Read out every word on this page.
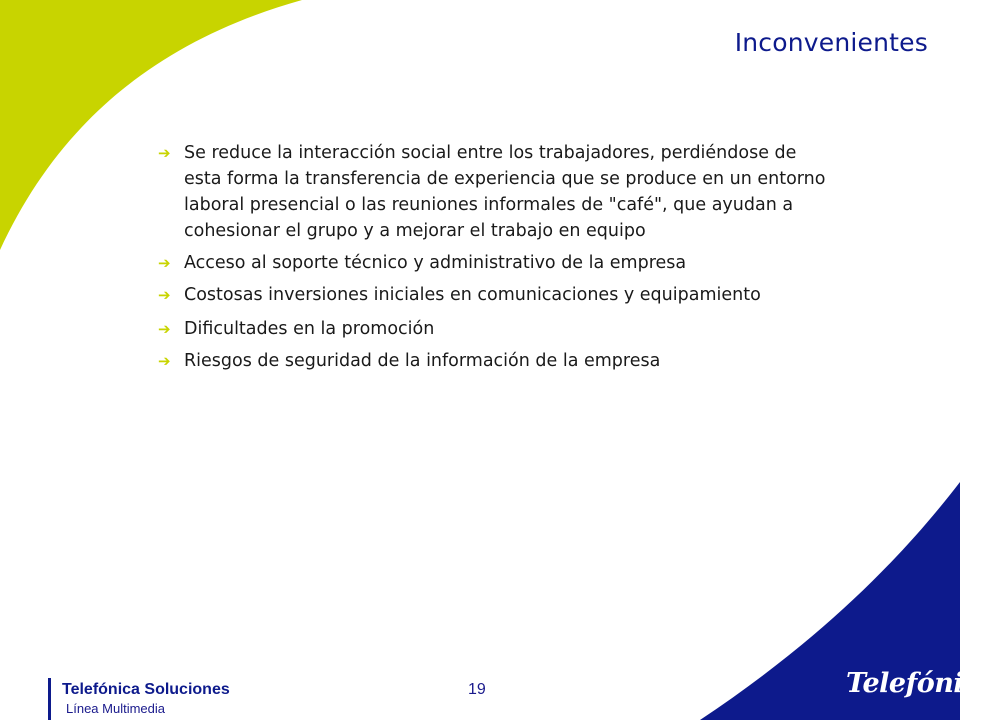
Inconvenientes
➔ Se reduce la interacción social entre los trabajadores, perdiéndose de esta forma la transferencia de experiencia que se produce en un entorno laboral presencial o las reuniones informales de "café", que ayudan a cohesionar el grupo y a mejorar el trabajo en equipo
➔ Acceso al soporte técnico y administrativo de la empresa
➔ Costosas inversiones iniciales en comunicaciones y equipamiento
➔ Dificultades en la promoción
➔ Riesgos de seguridad de la información de la empresa
Telefónica Soluciones
Línea Multimedia
19	Telefónica
